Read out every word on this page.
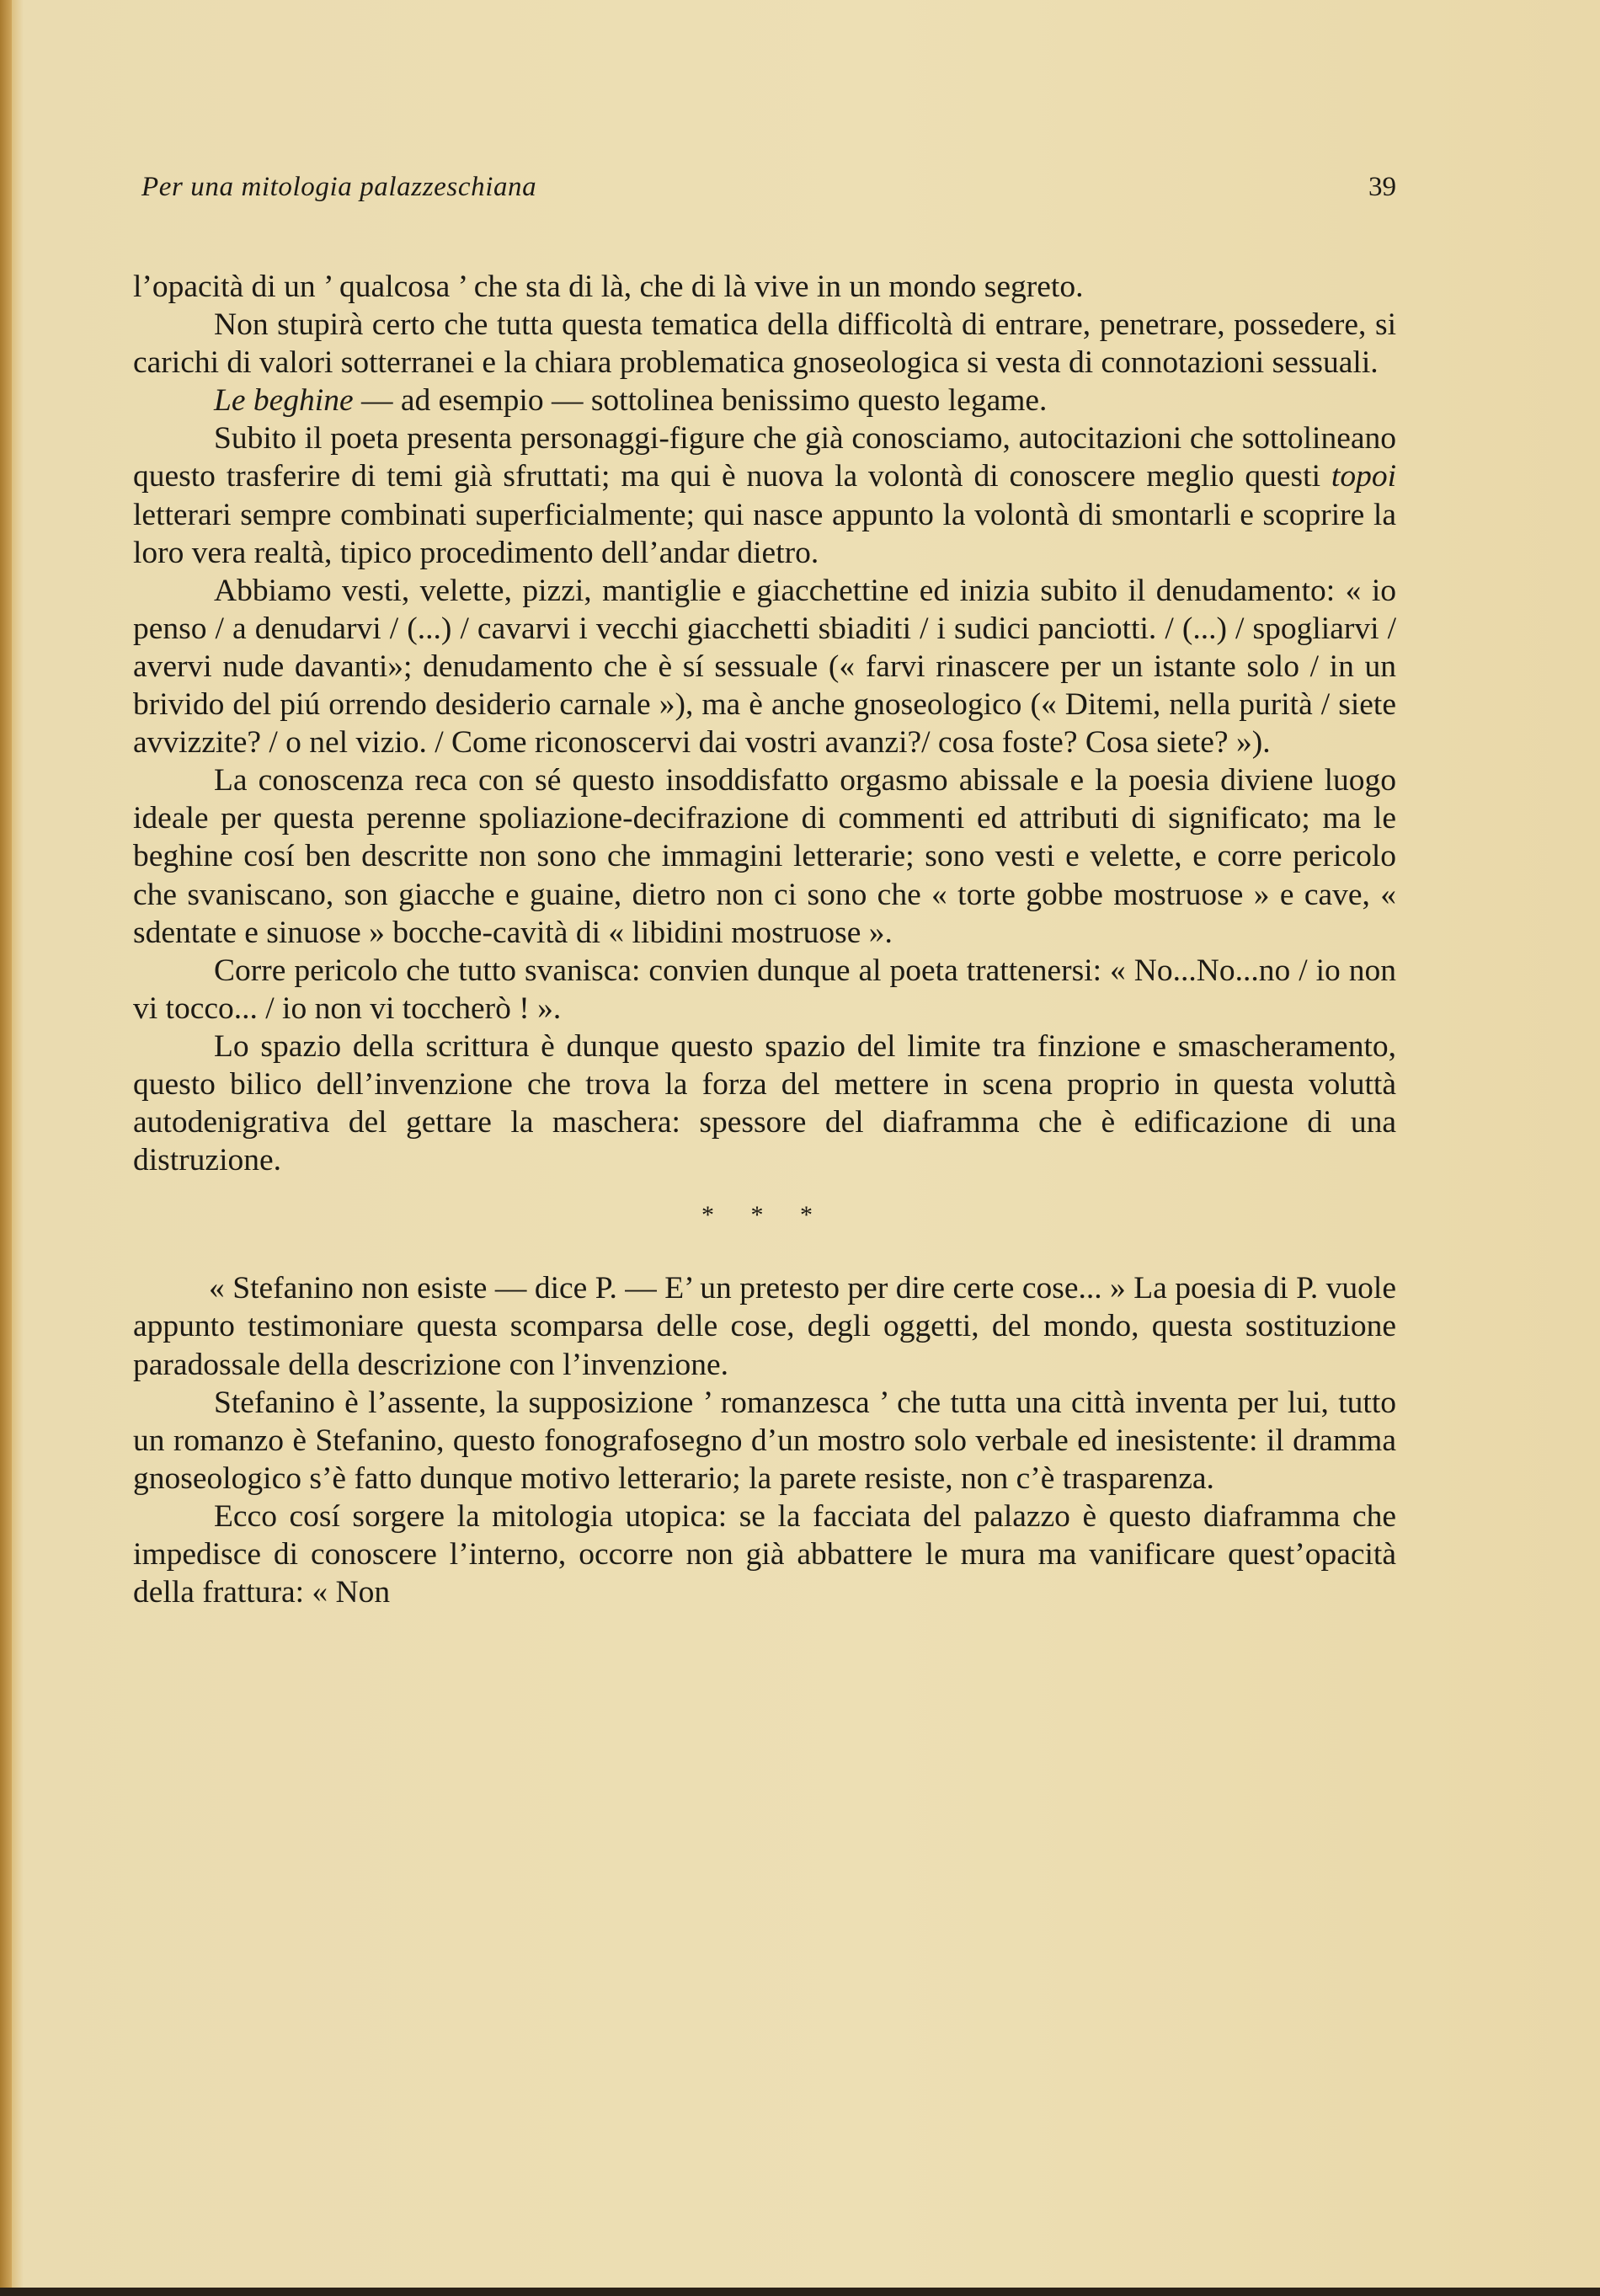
Per una mitologia palazzeschiana	39

l’opacità di un ’ qualcosa ’ che sta di là, che di là vive in un mondo segreto.

Non stupirà certo che tutta questa tematica della difficoltà di entrare, penetrare, possedere, si carichi di valori sotterranei e la chiara problematica gnoseologica si vesta di connotazioni sessuali.

Le beghine — ad esempio — sottolinea benissimo questo legame.

Subito il poeta presenta personaggi-figure che già conosciamo, autocitazioni che sottolineano questo trasferire di temi già sfruttati; ma qui è nuova la volontà di conoscere meglio questi topoi letterari sempre combinati superficialmente; qui nasce appunto la volontà di smontarli e scoprire la loro vera realtà, tipico procedimento dell’andar dietro.

Abbiamo vesti, velette, pizzi, mantiglie e giacchettine ed inizia subito il denudamento: « io penso / a denudarvi / (...) / cavarvi i vecchi giacchetti sbiaditi / i sudici panciotti. / (...) / spogliarvi / avervi nude davanti»; denudamento che è sí sessuale (« farvi rinascere per un istante solo / in un brivido del piú orrendo desiderio carnale »), ma è anche gnoseologico (« Ditemi, nella purità / siete avvizzite? / o nel vizio. / Come riconoscervi dai vostri avanzi?/ cosa foste? Cosa siete? »).

La conoscenza reca con sé questo insoddisfatto orgasmo abissale e la poesia diviene luogo ideale per questa perenne spoliazione-decifrazione di commenti ed attributi di significato; ma le beghine cosí ben descritte non sono che immagini letterarie; sono vesti e velette, e corre pericolo che svaniscano, son giacche e guaine, dietro non ci sono che « torte gobbe mostruose » e cave, « sdentate e sinuose » bocche-cavità di « libidini mostruose ».

Corre pericolo che tutto svanisca: convien dunque al poeta trattenersi: « No...No...no / io non vi tocco... / io non vi toccherò ! ».

Lo spazio della scrittura è dunque questo spazio del limite tra finzione e smascheramento, questo bilico dell’invenzione che trova la forza del mettere in scena proprio in questa voluttà autodenigrativa del gettare la maschera: spessore del diaframma che è edificazione di una distruzione.

* * *

« Stefanino non esiste — dice P. — E’ un pretesto per dire certe cose... » La poesia di P. vuole appunto testimoniare questa scomparsa delle cose, degli oggetti, del mondo, questa sostituzione paradossale della descrizione con l’invenzione.

Stefanino è l’assente, la supposizione ’ romanzesca ’ che tutta una città inventa per lui, tutto un romanzo è Stefanino, questo fonografosegno d’un mostro solo verbale ed inesistente: il dramma gnoseologico s’è fatto dunque motivo letterario; la parete resiste, non c’è trasparenza.

Ecco cosí sorgere la mitologia utopica: se la facciata del palazzo è questo diaframma che impedisce di conoscere l’interno, occorre non già abbattere le mura ma vanificare quest’opacità della frattura: « Non
